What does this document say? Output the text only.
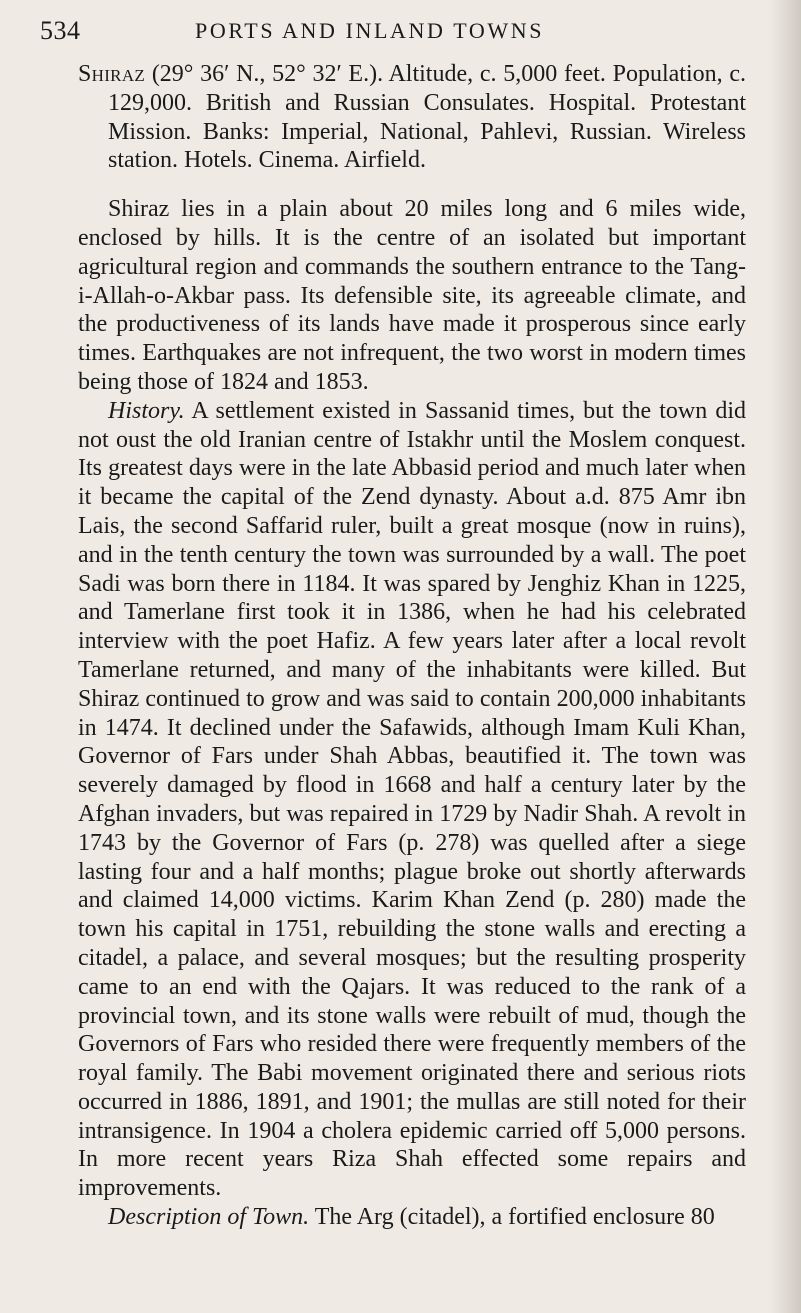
534	PORTS AND INLAND TOWNS

Shiraz (29° 36′ N., 52° 32′ E.). Altitude, c. 5,000 feet. Population, c. 129,000. British and Russian Consulates. Hospital. Protestant Mission. Banks: Imperial, National, Pahlevi, Russian. Wireless station. Hotels. Cinema. Airfield.

Shiraz lies in a plain about 20 miles long and 6 miles wide, enclosed by hills. It is the centre of an isolated but important agricultural region and commands the southern entrance to the Tang-i-Allah-o-Akbar pass. Its defensible site, its agreeable climate, and the productiveness of its lands have made it prosperous since early times. Earthquakes are not infrequent, the two worst in modern times being those of 1824 and 1853.

History. A settlement existed in Sassanid times, but the town did not oust the old Iranian centre of Istakhr until the Moslem conquest. Its greatest days were in the late Abbasid period and much later when it became the capital of the Zend dynasty. About a.d. 875 Amr ibn Lais, the second Saffarid ruler, built a great mosque (now in ruins), and in the tenth century the town was surrounded by a wall. The poet Sadi was born there in 1184. It was spared by Jenghiz Khan in 1225, and Tamerlane first took it in 1386, when he had his celebrated interview with the poet Hafiz. A few years later after a local revolt Tamerlane returned, and many of the inhabitants were killed. But Shiraz continued to grow and was said to contain 200,000 inhabitants in 1474. It declined under the Safawids, although Imam Kuli Khan, Governor of Fars under Shah Abbas, beautified it. The town was severely damaged by flood in 1668 and half a century later by the Afghan invaders, but was repaired in 1729 by Nadir Shah. A revolt in 1743 by the Governor of Fars (p. 278) was quelled after a siege lasting four and a half months; plague broke out shortly afterwards and claimed 14,000 victims. Karim Khan Zend (p. 280) made the town his capital in 1751, rebuilding the stone walls and erecting a citadel, a palace, and several mosques; but the resulting prosperity came to an end with the Qajars. It was reduced to the rank of a provincial town, and its stone walls were rebuilt of mud, though the Governors of Fars who resided there were frequently members of the royal family. The Babi movement originated there and serious riots occurred in 1886, 1891, and 1901; the mullas are still noted for their intransigence. In 1904 a cholera epidemic carried off 5,000 persons. In more recent years Riza Shah effected some repairs and improvements.

Description of Town. The Arg (citadel), a fortified enclosure 80
